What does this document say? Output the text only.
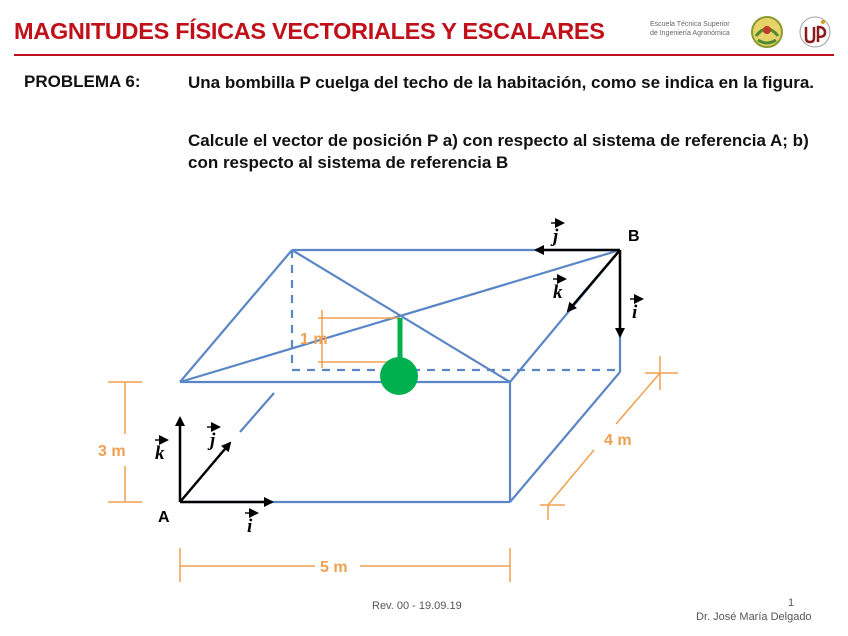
MAGNITUDES FÍSICAS VECTORIALES Y ESCALARES	Escuela Técnica Superior
de Ingeniería Agronómica
PROBLEMA 6:	Una bombilla P cuelga del techo de la habitación, como se indica en la figura.
Calcule el vector de posición P a) con respecto al sistema de referencia A; b) con respecto al sistema de referencia B
1 m
A
k
i
j
B
j
k
i
3 m
4 m
5 m
Rev. 00 - 19.09.19	1
Dr. José María Delgado
